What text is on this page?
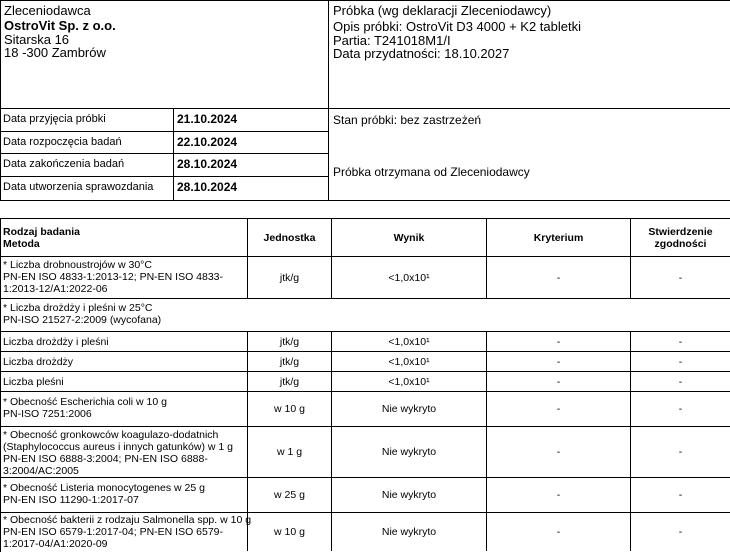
Zleceniodawca
OstroVit Sp. z o.o.
Sitarska 16
18 -300 Zambrów
Próbka (wg deklaracji Zleceniodawcy)
Opis próbki: OstroVit D3 4000 + K2 tabletki
Partia: T241018M1/I
Data przydatności: 18.10.2027
Data przyjęcia próbki	21.10.2024
Data rozpoczęcia badań	22.10.2024
Data zakończenia badań	28.10.2024
Data utworzenia sprawozdania 28.10.2024
Stan próbki: bez zastrzeżeń
Próbka otrzymana od Zleceniodawcy
Rodzaj badania
Metoda
Jednostka	Wynik	Kryterium	Stwierdzenie
zgodności
* Liczba drobnoustrojów w 30°C
PN-EN ISO 4833-1:2013-12; PN-EN ISO 4833-
1:2013-12/A1:2022-06
jtk/g	<1,0x10¹	-	-
* Liczba drożdży i pleśni w 25°C
PN-ISO 21527-2:2009 (wycofana)
Liczba drożdży i pleśni	jtk/g	<1,0x10¹	-	-
Liczba drożdży	jtk/g	<1,0x10¹	-	-
Liczba pleśni	jtk/g	<1,0x10¹	-	-
* Obecność Escherichia coli w 10 g
PN-ISO 7251:2006	w 10 g	Nie wykryto	-	-
* Obecność gronkowców koagulazo-dodatnich
(Staphylococcus aureus i innych gatunków) w 1 g
PN-EN ISO 6888-3:2004; PN-EN ISO 6888-
3:2004/AC:2005
w 1 g	Nie wykryto	-	-
* Obecność Listeria monocytogenes w 25 g
PN-EN ISO 11290-1:2017-07	w 25 g	Nie wykryto	-	-
* Obecność bakterii z rodzaju Salmonella spp. w 10 g
PN-EN ISO 6579-1:2017-04; PN-EN ISO 6579-
1:2017-04/A1:2020-09
w 10 g	Nie wykryto	-	-
